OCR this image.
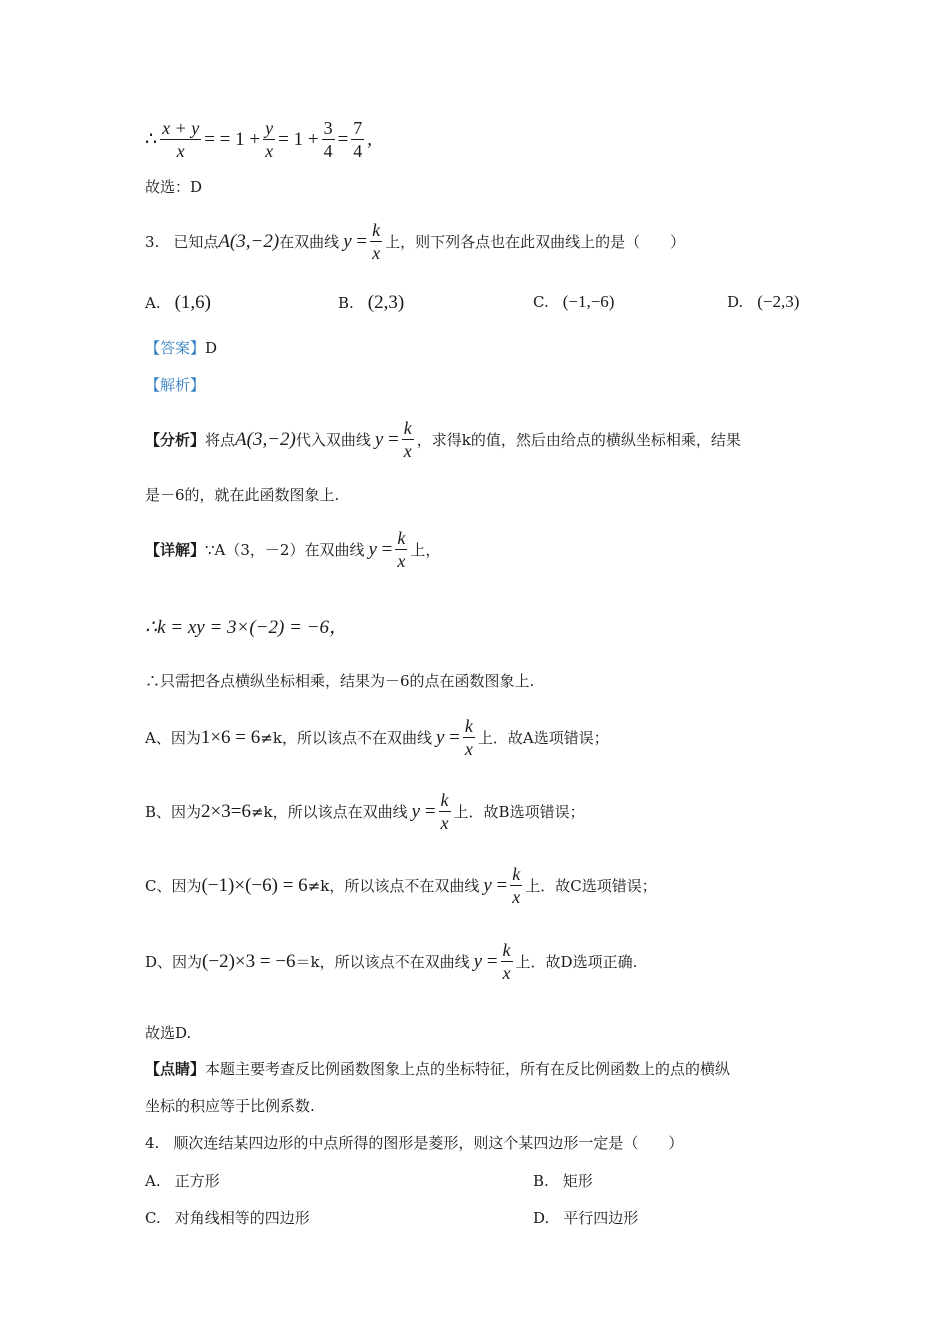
∴ $\frac{x + y}{x}$ = = $1 + \frac{y}{x} = 1 + \frac{3}{4} = \frac{7}{4}$ ,
故选：D
3. 已知点 A(3,−2) 在双曲线 $y = \frac{k}{x}$ 上，则下列各点也在此双曲线上的是（　　）
A. (1,6)	B. (2,3)	C. (−1,−6)	D. (−2,3)
【答案】 D
【解析】
【分析】 将点 A(3,−2) 代入双曲线 $y = \frac{k}{x}$ ，求得k的值，然后由给点的横纵坐标相乘，结果
是－6的，就在此函数图象上.
【详解】 ∵A（3，－2）在双曲线 $y = \frac{k}{x}$ 上，
∴k = xy = 3×(−2) = −6，
∴只需把各点横纵坐标相乘，结果为－6的点在函数图象上.
A、因为 1×6 = 6 ≠k，所以该点不在双曲线 $y = \frac{k}{x}$ 上．故A选项错误；
B、因为 2×3=6 ≠k，所以该点在双曲线 $y = \frac{k}{x}$ 上．故B选项错误；
C、因为 (−1)×(−6) = 6 ≠k，所以该点不在双曲线 $y = \frac{k}{x}$ 上．故C选项错误；
D、因为 (−2)×3 = −6 ＝k，所以该点不在双曲线 $y = \frac{k}{x}$ 上．故D选项正确.
故选D.
【点睛】 本题主要考查反比例函数图象上点的坐标特征，所有在反比例函数上的点的横纵
坐标的积应等于比例系数.
4. 顺次连结某四边形的中点所得的图形是菱形，则这个某四边形一定是（　　）
A. 正方形	B. 矩形
C. 对角线相等的四边形	D. 平行四边形
